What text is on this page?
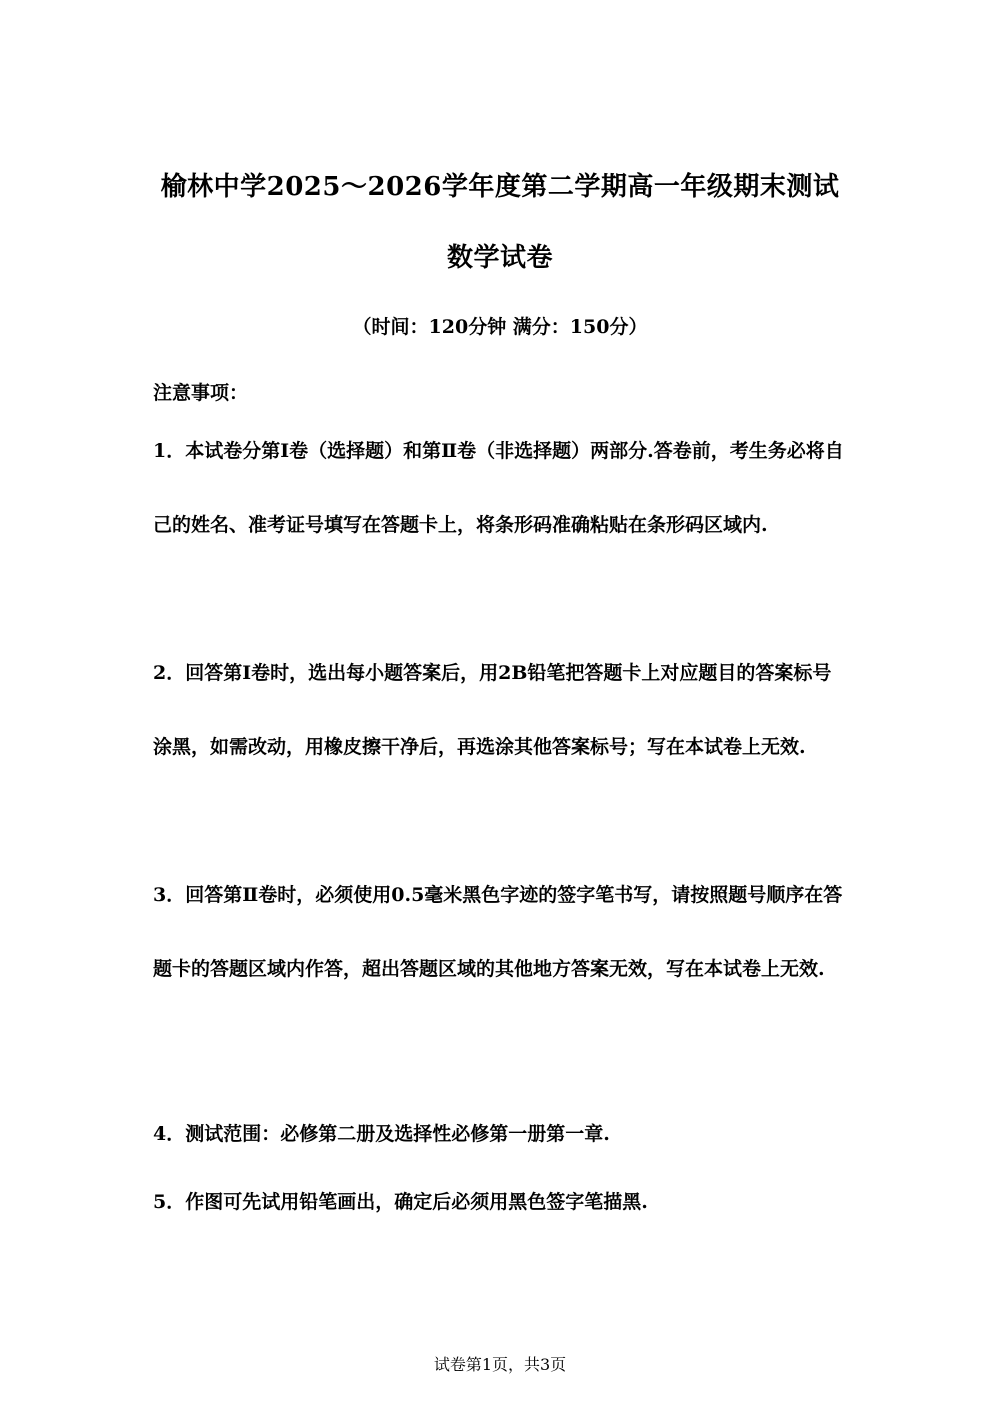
榆林中学2025～2026学年度第二学期高一年级期末测试
数学试卷
（时间：120分钟 满分：150分）
注意事项：

1．本试卷分第Ⅰ卷（选择题）和第Ⅱ卷（非选择题）两部分.答卷前，考生务必将自己的姓名、准考证号填写在答题卡上，将条形码准确粘贴在条形码区域内.

2．回答第Ⅰ卷时，选出每小题答案后，用2B铅笔把答题卡上对应题目的答案标号涂黑，如需改动，用橡皮擦干净后，再选涂其他答案标号；写在本试卷上无效.

3．回答第Ⅱ卷时，必须使用0.5毫米黑色字迹的签字笔书写，请按照题号顺序在答题卡的答题区域内作答，超出答题区域的其他地方答案无效，写在本试卷上无效.

4．测试范围：必修第二册及选择性必修第一册第一章.

5．作图可先试用铅笔画出，确定后必须用黑色签字笔描黑.

试卷第1页，共3页
